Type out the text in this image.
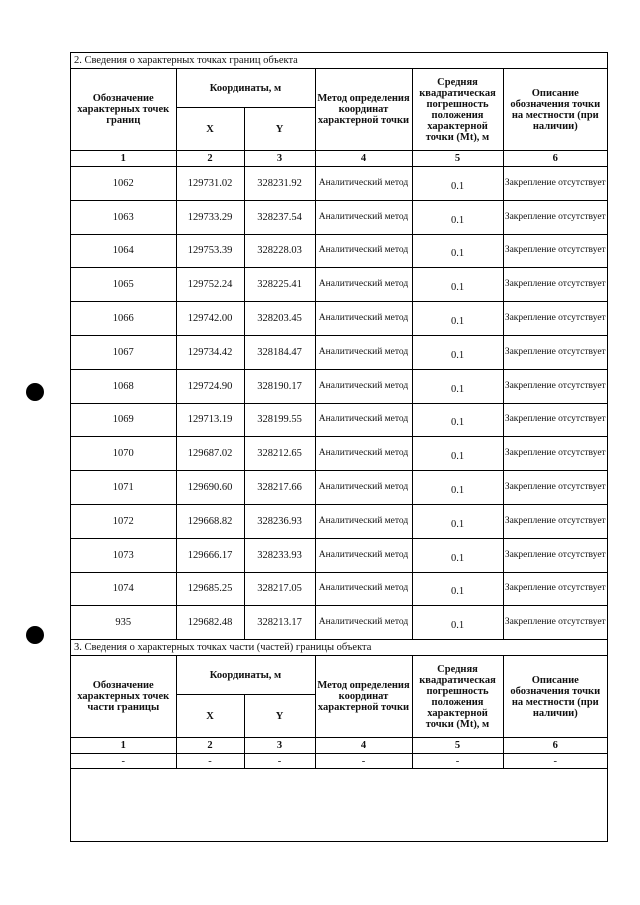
2. Сведения о характерных точках границ объекта					
Обозначение характерных точек границ	Координаты, м		Метод определения координат характерной точки	Средняя квадратическая погрешность положения характерной точки (Mt), м	Описание обозначения точки на местности (при наличии)
	X	Y			
1	2	3	4	5	6
1062	129731.02	328231.92	Аналитический метод	0.1	Закрепление отсутствует
1063	129733.29	328237.54	Аналитический метод	0.1	Закрепление отсутствует
1064	129753.39	328228.03	Аналитический метод	0.1	Закрепление отсутствует
1065	129752.24	328225.41	Аналитический метод	0.1	Закрепление отсутствует
1066	129742.00	328203.45	Аналитический метод	0.1	Закрепление отсутствует
1067	129734.42	328184.47	Аналитический метод	0.1	Закрепление отсутствует
1068	129724.90	328190.17	Аналитический метод	0.1	Закрепление отсутствует
1069	129713.19	328199.55	Аналитический метод	0.1	Закрепление отсутствует
1070	129687.02	328212.65	Аналитический метод	0.1	Закрепление отсутствует
1071	129690.60	328217.66	Аналитический метод	0.1	Закрепление отсутствует
1072	129668.82	328236.93	Аналитический метод	0.1	Закрепление отсутствует
1073	129666.17	328233.93	Аналитический метод	0.1	Закрепление отсутствует
1074	129685.25	328217.05	Аналитический метод	0.1	Закрепление отсутствует
935	129682.48	328213.17	Аналитический метод	0.1	Закрепление отсутствует
3. Сведения о характерных точках части (частей) границы объекта					
Обозначение характерных точек части границы	Координаты, м		Метод определения координат характерной точки	Средняя квадратическая погрешность положения характерной точки (Mt), м	Описание обозначения точки на местности (при наличии)
	X	Y			
1	2	3	4	5	6
-	-	-	-	-	-
